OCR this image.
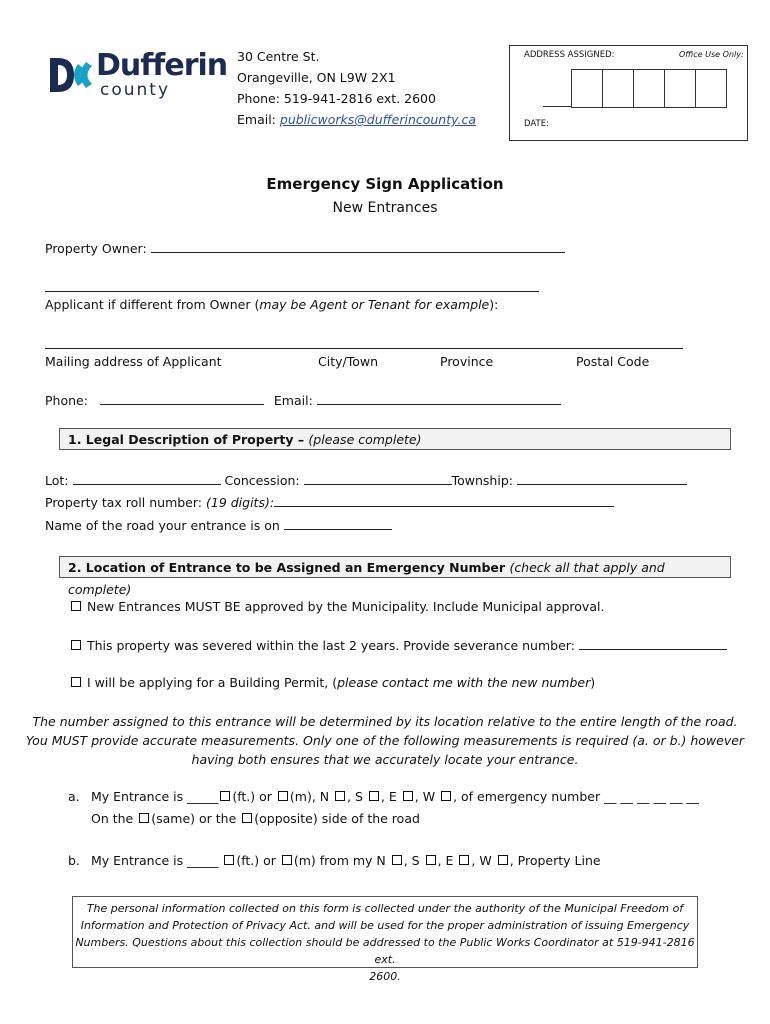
Dufferin
county
30 Centre St.
Orangeville, ON L9W 2X1
Phone: 519-941-2816 ext. 2600
Email: publicworks@dufferincounty.ca
ADDRESS ASSIGNED:	Office Use Only:
DATE:
Emergency Sign Application
New Entrances
Property Owner:
Applicant if different from Owner (may be Agent or Tenant for example):
Mailing address of Applicant	City/Town	Province	Postal Code
Phone:	Email:
1. Legal Description of Property – (please complete)
Lot:	Concession:	Township:
Property tax roll number: (19 digits):
Name of the road your entrance is on
2. Location of Entrance to be Assigned an Emergency Number (check all that apply and complete)
New Entrances MUST BE approved by the Municipality. Include Municipal approval.
This property was severed within the last 2 years. Provide severance number:
I will be applying for a Building Permit, (please contact me with the new number)
The number assigned to this entrance will be determined by its location relative to the entire length of the road.
You MUST provide accurate measurements. Only one of the following measurements is required (a. or b.) however
having both ensures that we accurately locate your entrance.
a. My Entrance is _____ (ft.) or (m), N , S , E , W , of emergency number __ __ __ __ __ __
On the (same) or the (opposite) side of the road
b. My Entrance is _____ (ft.) or (m) from my N , S , E , W , Property Line
The personal information collected on this form is collected under the authority of the Municipal Freedom of
Information and Protection of Privacy Act. and will be used for the proper administration of issuing Emergency
Numbers. Questions about this collection should be addressed to the Public Works Coordinator at 519-941-2816 ext.
2600.
